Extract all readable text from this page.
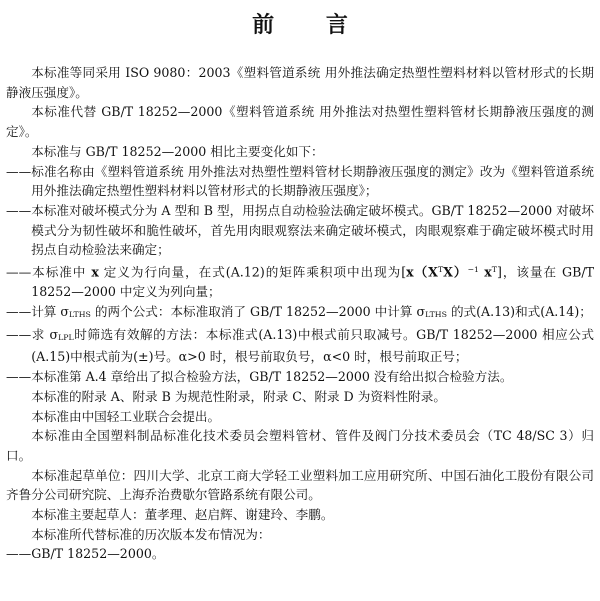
前 言

本标准等同采用 ISO 9080：2003《塑料管道系统 用外推法确定热塑性塑料材料以管材形式的长期静液压强度》。

本标准代替 GB/T 18252—2000《塑料管道系统 用外推法对热塑性塑料管材长期静液压强度的测定》。

本标准与 GB/T 18252—2000 相比主要变化如下：

——标准名称由《塑料管道系统 用外推法对热塑性塑料管材长期静液压强度的测定》改为《塑料管道系统 用外推法确定热塑性塑料材料以管材形式的长期静液压强度》；

——本标准对破坏模式分为 A 型和 B 型，用拐点自动检验法确定破坏模式。GB/T 18252—2000 对破坏模式分为韧性破坏和脆性破坏，首先用肉眼观察法来确定破坏模式，肉眼观察难于确定破坏模式时用拐点自动检验法来确定；

——本标准中 x 定义为行向量，在式(A.12)的矩阵乘积项中出现为[$x(X^TX)^{-1}$ $x^T$]，该量在 GB/T 18252—2000 中定义为列向量；

——计算 σLTHS 的两个公式：本标准取消了 GB/T 18252—2000 中计算 σLTHS 的式(A.13)和式(A.14)；

——求 σLPL时筛选有效解的方法：本标准式(A.13)中根式前只取减号。GB/T 18252—2000 相应公式(A.15)中根式前为(±)号。α>0 时，根号前取负号，α<0 时，根号前取正号；

——本标准第 A.4 章给出了拟合检验方法，GB/T 18252—2000 没有给出拟合检验方法。

本标准的附录 A、附录 B 为规范性附录，附录 C、附录 D 为资料性附录。

本标准由中国轻工业联合会提出。

本标准由全国塑料制品标准化技术委员会塑料管材、管件及阀门分技术委员会（TC 48/SC 3）归口。

本标准起草单位：四川大学、北京工商大学轻工业塑料加工应用研究所、中国石油化工股份有限公司齐鲁分公司研究院、上海乔治费歇尔管路系统有限公司。

本标准主要起草人：董孝理、赵启辉、谢建玲、李鹏。

本标准所代替标准的历次版本发布情况为：

——GB/T 18252—2000。
